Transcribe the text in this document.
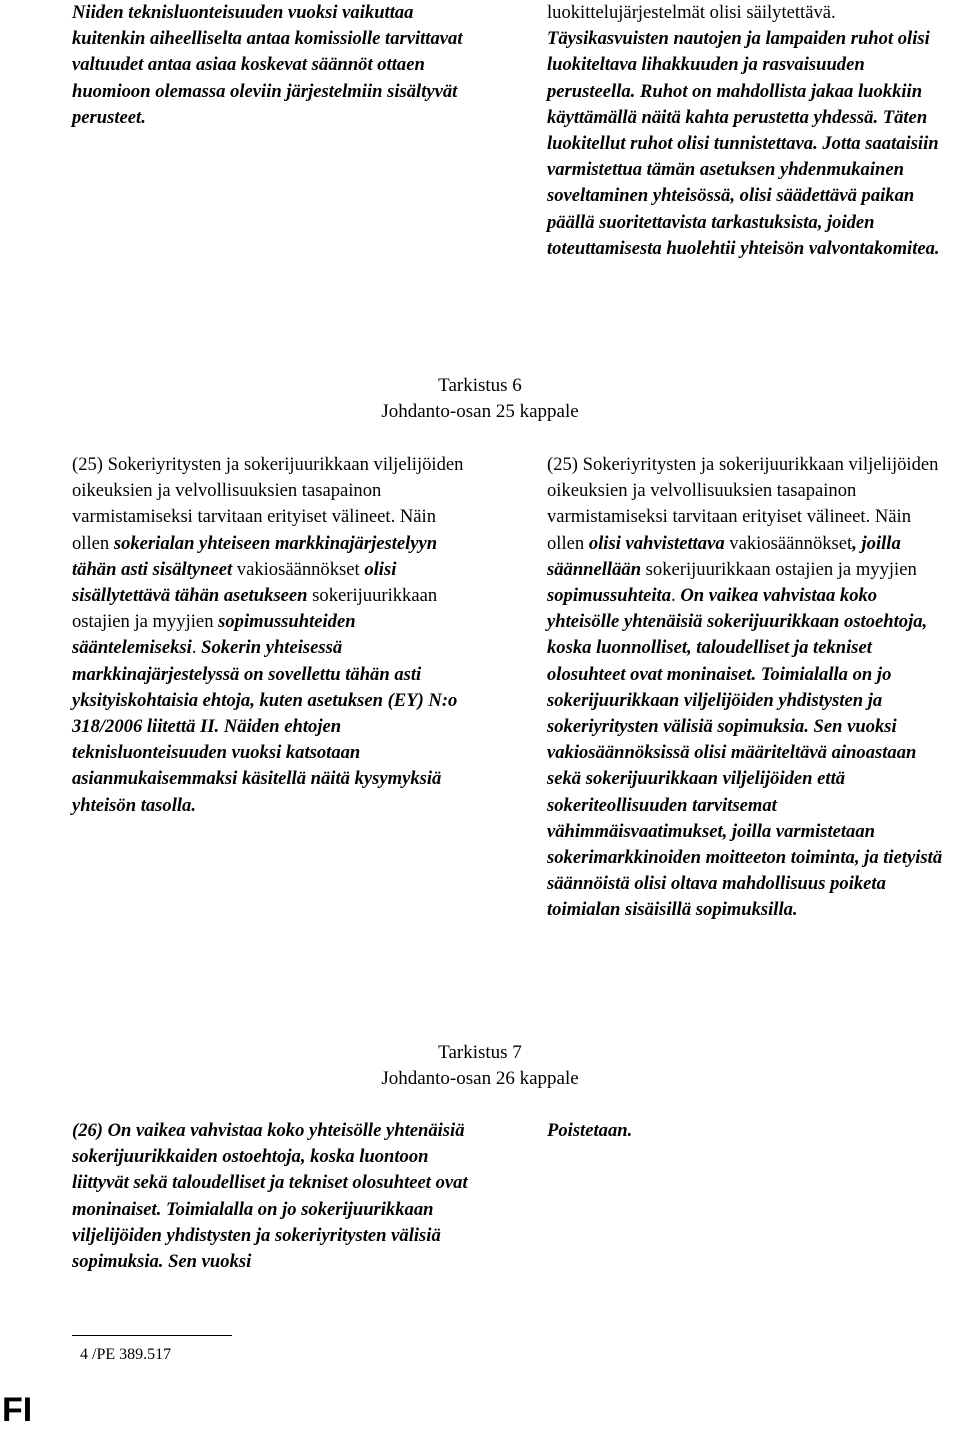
Niiden teknisluonteisuuden vuoksi vaikuttaa kuitenkin aiheelliselta antaa komissiolle tarvittavat valtuudet antaa asiaa koskevat säännöt ottaen huomioon olemassa oleviin järjestelmiin sisältyvät perusteet.
luokittelujärjestelmät olisi säilytettävä. Täysikasvuisten nautojen ja lampaiden ruhot olisi luokiteltava lihakkuuden ja rasvaisuuden perusteella. Ruhot on mahdollista jakaa luokkiin käyttämällä näitä kahta perustetta yhdessä. Täten luokitellut ruhot olisi tunnistettava. Jotta saataisiin varmistettua tämän asetuksen yhdenmukainen soveltaminen yhteisössä, olisi säädettävä paikan päällä suoritettavista tarkastuksista, joiden toteuttamisesta huolehtii yhteisön valvontakomitea.
Tarkistus 6
Johdanto-osan 25 kappale
(25) Sokeriyritysten ja sokerijuurikkaan viljelijöiden oikeuksien ja velvollisuuksien tasapainon varmistamiseksi tarvitaan erityiset välineet. Näin ollen sokerialan yhteiseen markkinajärjestelyyn tähän asti sisältyneet vakiosäännökset olisi sisällytettävä tähän asetukseen sokerijuurikkaan ostajien ja myyjien sopimussuhteiden sääntelemiseksi. Sokerin yhteisessä markkinajärjestelyssä on sovellettu tähän asti yksityiskohtaisia ehtoja, kuten asetuksen (EY) N:o 318/2006 liitettä II. Näiden ehtojen teknisluonteisuuden vuoksi katsotaan asianmukaisemmaksi käsitellä näitä kysymyksiä yhteisön tasolla.
(25) Sokeriyritysten ja sokerijuurikkaan viljelijöiden oikeuksien ja velvollisuuksien tasapainon varmistamiseksi tarvitaan erityiset välineet. Näin ollen olisi vahvistettava vakiosäännökset, joilla säännellään sokerijuurikkaan ostajien ja myyjien sopimussuhteita. On vaikea vahvistaa koko yhteisölle yhtenäisiä sokerijuurikkaan ostoehtoja, koska luonnolliset, taloudelliset ja tekniset olosuhteet ovat moninaiset. Toimialalla on jo sokerijuurikkaan viljelijöiden yhdistysten ja sokeriyritysten välisiä sopimuksia. Sen vuoksi vakiosäännöksissä olisi määriteltävä ainoastaan sekä sokerijuurikkaan viljelijöiden että sokeriteollisuuden tarvitsemat vähimmäisvaatimukset, joilla varmistetaan sokerimarkkinoiden moitteeton toiminta, ja tietyistä säännöistä olisi oltava mahdollisuus poiketa toimialan sisäisillä sopimuksilla.
Tarkistus 7
Johdanto-osan 26 kappale
(26) On vaikea vahvistaa koko yhteisölle yhtenäisiä sokerijuurikkaiden ostoehtoja, koska luontoon liittyvät sekä taloudelliset ja tekniset olosuhteet ovat moninaiset. Toimialalla on jo sokerijuurikkaan viljelijöiden yhdistysten ja sokeriyritysten välisiä sopimuksia. Sen vuoksi
Poistetaan.
4 /PE 389.517
FI
